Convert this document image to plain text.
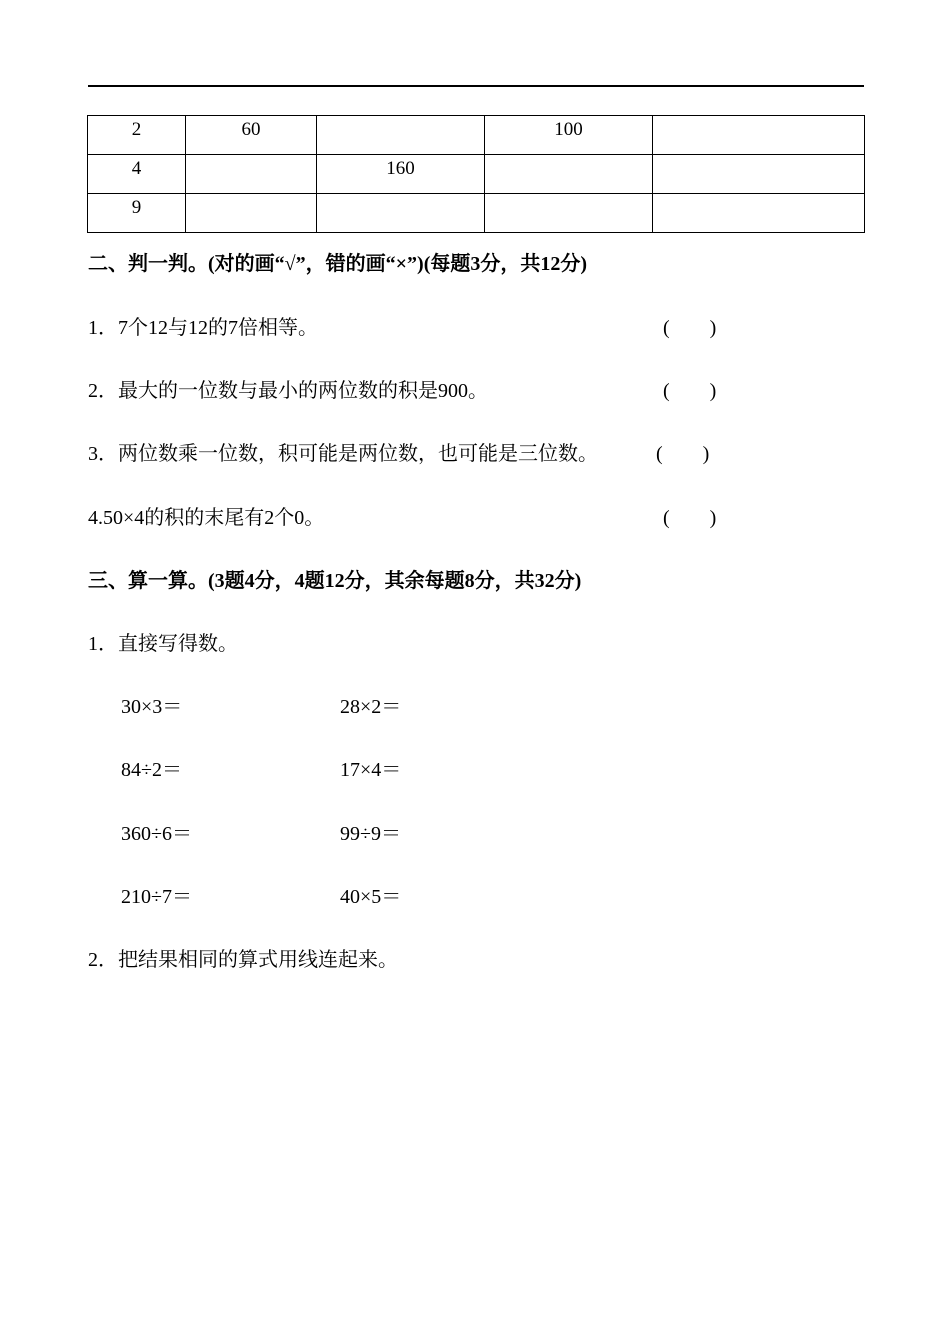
2	60		100	
4		160		
9				
二、判一判。(对的画“√”，错的画“×”)(每题3分，共12分)
1．7个12与12的7倍相等。	(　　)
2．最大的一位数与最小的两位数的积是900。	(　　)
3．两位数乘一位数，积可能是两位数，也可能是三位数。	(　　)
4.50×4的积的末尾有2个0。	(　　)
三、算一算。(3题4分，4题12分，其余每题8分，共32分)
1．直接写得数。
30×3＝	28×2＝
84÷2＝	17×4＝
360÷6＝	99÷9＝
210÷7＝	40×5＝
2．把结果相同的算式用线连起来。
